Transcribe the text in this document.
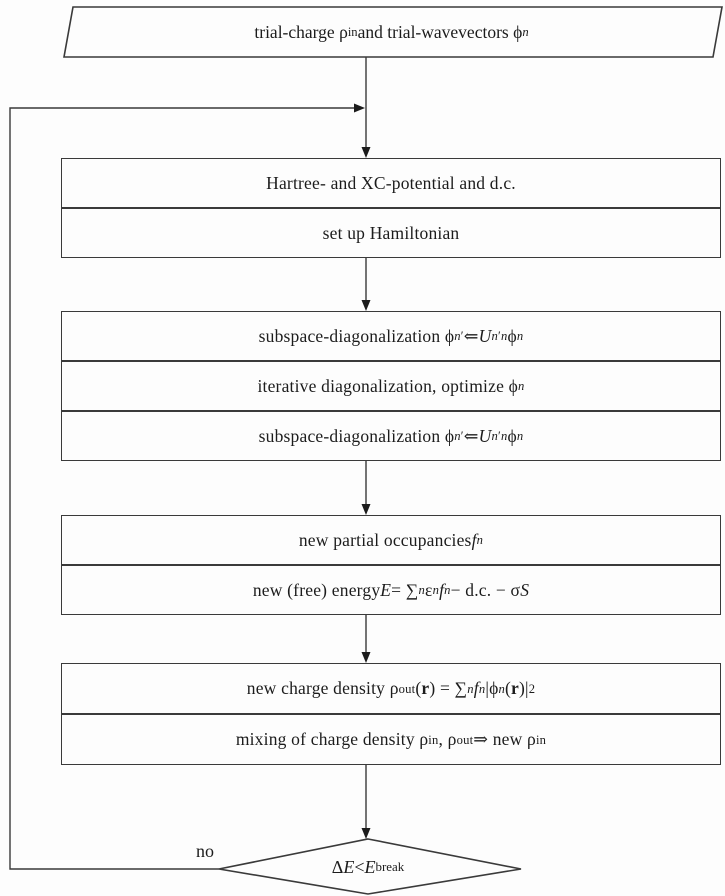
trial-charge ρ in and trial-wavevectors ϕ n
Hartree- and XC-potential and d.c.
set up Hamiltonian
subspace-diagonalization ϕ n′ ⇐ U n′n ϕ n
iterative diagonalization, optimize ϕ n
subspace-diagonalization ϕ n′ ⇐ U n′n ϕ n
new partial occupancies f n
new (free) energy E = ∑ n ε n f n − d.c. − σ S
new charge density ρ out ( r ) = ∑ n f n |ϕ n ( r )| 2
mixing of charge density ρ in , ρ out ⇒ new ρ in
Δ E < E break
no
